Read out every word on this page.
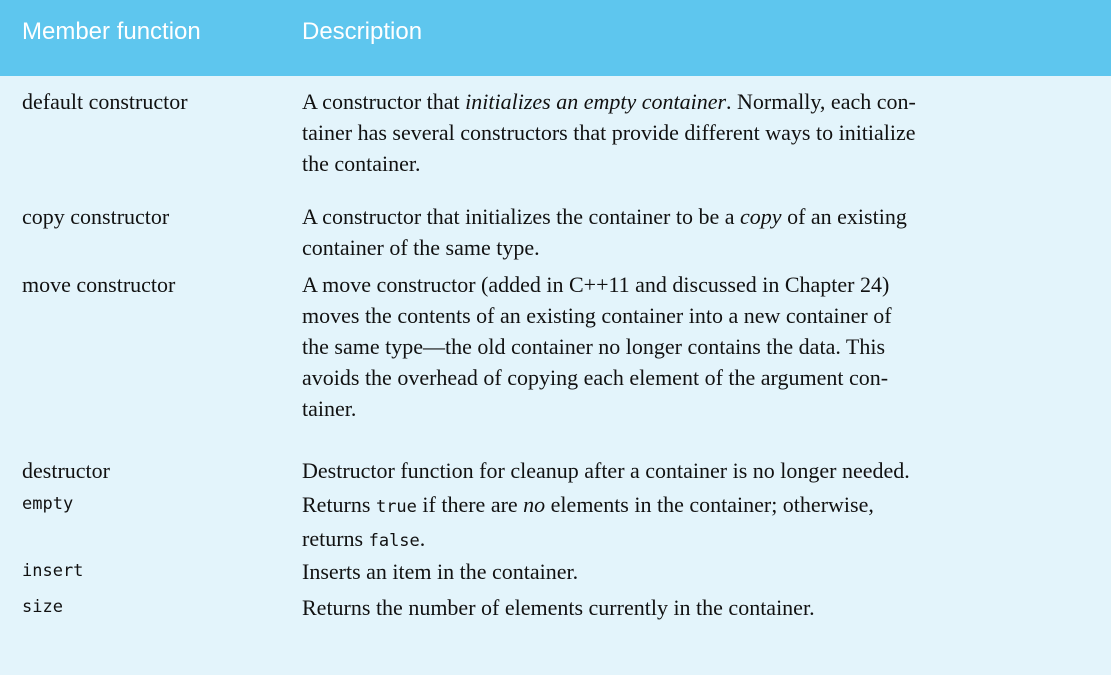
Member function	Description
default constructor	A constructor that initializes an empty container. Normally, each con-
tainer has several constructors that provide different ways to initialize
the container.
copy constructor	A constructor that initializes the container to be a copy of an existing
container of the same type.
move constructor	A move constructor (added in C++11 and discussed in Chapter 24)
moves the contents of an existing container into a new container of
the same type—the old container no longer contains the data. This
avoids the overhead of copying each element of the argument con-
tainer.
destructor	Destructor function for cleanup after a container is no longer needed.
empty	Returns true if there are no elements in the container; otherwise,
returns false.
insert	Inserts an item in the container.
size	Returns the number of elements currently in the container.
